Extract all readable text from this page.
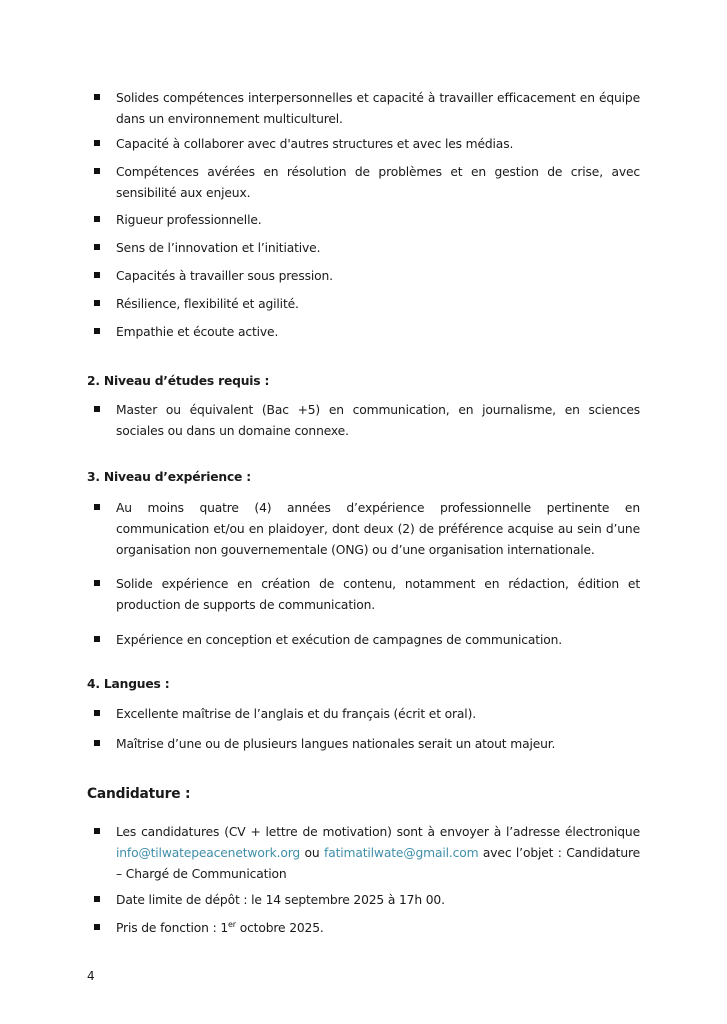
Solides compétences interpersonnelles et capacité à travailler efficacement en équipe dans un environnement multiculturel.

Capacité à collaborer avec d'autres structures et avec les médias.

Compétences avérées en résolution de problèmes et en gestion de crise, avec sensibilité aux enjeux.

Rigueur professionnelle.

Sens de l’innovation et l’initiative.

Capacités à travailler sous pression.

Résilience, flexibilité et agilité.

Empathie et écoute active.

2. Niveau d’études requis :

Master ou équivalent (Bac +5) en communication, en journalisme, en sciences sociales ou dans un domaine connexe.

3. Niveau d’expérience :

Au moins quatre (4) années d’expérience professionnelle pertinente en communication et/ou en plaidoyer, dont deux (2) de préférence acquise au sein d’une organisation non gouvernementale (ONG) ou d’une organisation internationale.

Solide expérience en création de contenu, notamment en rédaction, édition et production de supports de communication.

Expérience en conception et exécution de campagnes de communication.

4. Langues :

Excellente maîtrise de l’anglais et du français (écrit et oral).

Maîtrise d’une ou de plusieurs langues nationales serait un atout majeur.

Candidature :

Les candidatures (CV + lettre de motivation) sont à envoyer à l’adresse électronique info@tilwatepeacenetwork.org ou fatimatilwate@gmail.com avec l’objet : Candidature – Chargé de Communication

Date limite de dépôt : le 14 septembre 2025 à 17h 00.

Pris de fonction : 1er octobre 2025.

4
